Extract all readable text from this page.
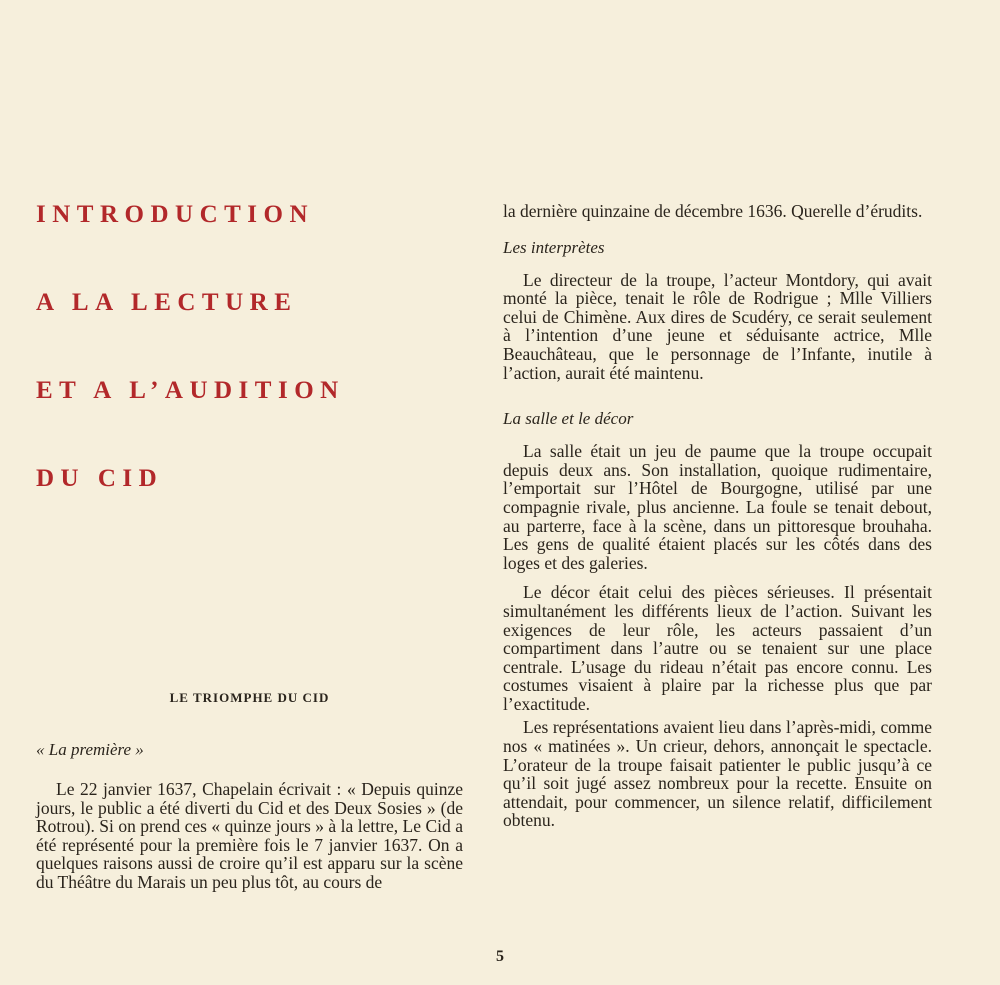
INTRODUCTION
A LA LECTURE
ET A L’AUDITION
DU CID
LE TRIOMPHE DU CID
« La première »

Le 22 janvier 1637, Chapelain écrivait : « Depuis quinze jours, le public a été diverti du Cid et des Deux Sosies » (de Rotrou). Si on prend ces « quinze jours » à la lettre, Le Cid a été représenté pour la première fois le 7 janvier 1637. On a quelques raisons aussi de croire qu’il est apparu sur la scène du Théâtre du Marais un peu plus tôt, au cours de

la dernière quinzaine de décembre 1636. Querelle d’érudits.

Les interprètes

Le directeur de la troupe, l’acteur Montdory, qui avait monté la pièce, tenait le rôle de Rodrigue ; Mlle Villiers celui de Chimène. Aux dires de Scudéry, ce serait seulement à l’intention d’une jeune et séduisante actrice, Mlle Beauchâteau, que le personnage de l’Infante, inutile à l’action, aurait été maintenu.

La salle et le décor

La salle était un jeu de paume que la troupe occupait depuis deux ans. Son installation, quoique rudimentaire, l’emportait sur l’Hôtel de Bourgogne, utilisé par une compagnie rivale, plus ancienne. La foule se tenait debout, au parterre, face à la scène, dans un pittoresque brouhaha. Les gens de qualité étaient placés sur les côtés dans des loges et des galeries.

Le décor était celui des pièces sérieuses. Il présentait simultanément les différents lieux de l’action. Suivant les exigences de leur rôle, les acteurs passaient d’un compartiment dans l’autre ou se tenaient sur une place centrale. L’usage du rideau n’était pas encore connu. Les costumes visaient à plaire par la richesse plus que par l’exactitude.

Les représentations avaient lieu dans l’après-midi, comme nos « matinées ». Un crieur, dehors, annonçait le spectacle. L’orateur de la troupe faisait patienter le public jusqu’à ce qu’il soit jugé assez nombreux pour la recette. Ensuite on attendait, pour commencer, un silence relatif, difficilement obtenu.

5
